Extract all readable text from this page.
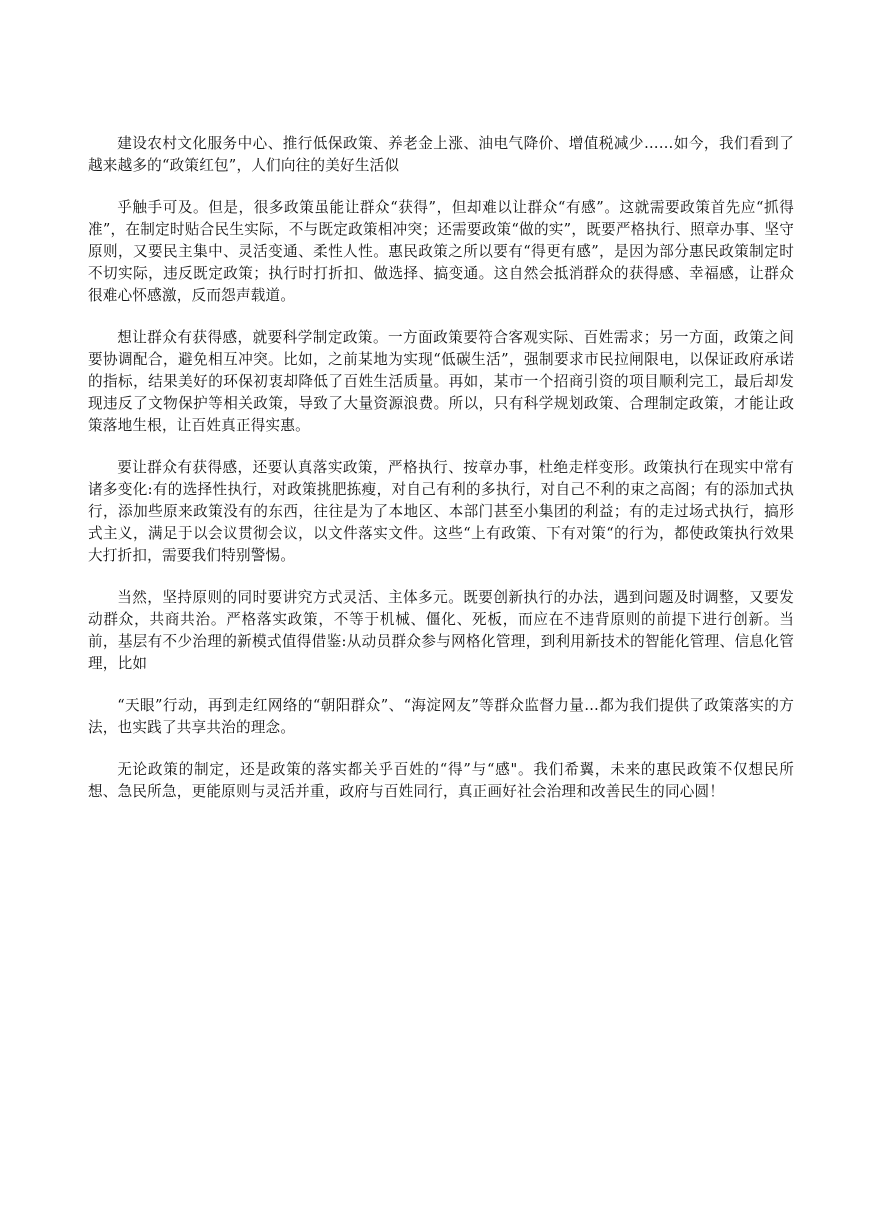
建设农村文化服务中心、推行低保政策、养老金上涨、油电气降价、增值税减少……如今，我们看到了越来越多的“政策红包”，人们向往的美好生活似

乎触手可及。但是，很多政策虽能让群众“获得”，但却难以让群众“有感”。这就需要政策首先应“抓得准”，在制定时贴合民生实际，不与既定政策相冲突；还需要政策“做的实”，既要严格执行、照章办事、坚守原则，又要民主集中、灵活变通、柔性人性。惠民政策之所以要有“得更有感”，是因为部分惠民政策制定时不切实际，违反既定政策；执行时打折扣、做选择、搞变通。这自然会抵消群众的获得感、幸福感，让群众很难心怀感激，反而怨声载道。

想让群众有获得感，就要科学制定政策。一方面政策要符合客观实际、百姓需求；另一方面，政策之间要协调配合，避免相互冲突。比如，之前某地为实现“低碳生活”，强制要求市民拉闸限电，以保证政府承诺的指标，结果美好的环保初衷却降低了百姓生活质量。再如，某市一个招商引资的项目顺利完工，最后却发现违反了文物保护等相关政策，导致了大量资源浪费。所以，只有科学规划政策、合理制定政策，才能让政策落地生根，让百姓真正得实惠。

要让群众有获得感，还要认真落实政策，严格执行、按章办事，杜绝走样变形。政策执行在现实中常有诸多变化:有的选择性执行，对政策挑肥拣瘦，对自己有利的多执行，对自己不利的束之高阁；有的添加式执行，添加些原来政策没有的东西，往往是为了本地区、本部门甚至小集团的利益；有的走过场式执行，搞形式主义，满足于以会议贯彻会议，以文件落实文件。这些“上有政策、下有对策“的行为，都使政策执行效果大打折扣，需要我们特别警惕。

当然，坚持原则的同时要讲究方式灵活、主体多元。既要创新执行的办法，遇到问题及时调整，又要发动群众，共商共治。严格落实政策，不等于机械、僵化、死板，而应在不违背原则的前提下进行创新。当前，基层有不少治理的新模式值得借鉴:从动员群众参与网格化管理，到利用新技术的智能化管理、信息化管理，比如

“天眼”行动，再到走红网络的“朝阳群众”、“海淀网友”等群众监督力量…都为我们提供了政策落实的方法，也实践了共享共治的理念。

无论政策的制定，还是政策的落实都关乎百姓的“得”与“感"。我们希翼，未来的惠民政策不仅想民所想、急民所急，更能原则与灵活并重，政府与百姓同行，真正画好社会治理和改善民生的同心圆！
